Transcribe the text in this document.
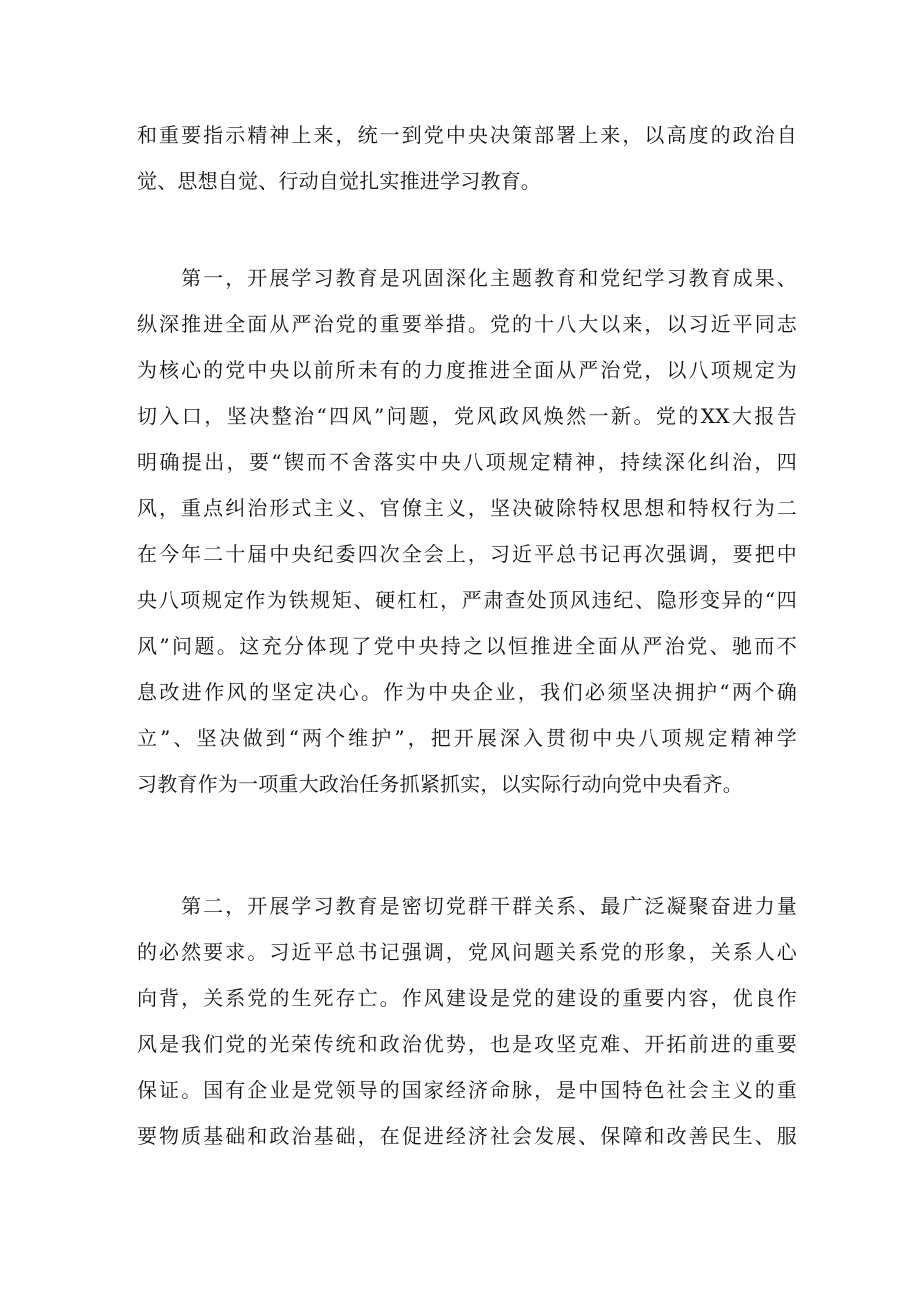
和重要指示精神上来，统一到党中央决策部署上来，以高度的政治自
觉、思想自觉、行动自觉扎实推进学习教育。
　　第一，开展学习教育是巩固深化主题教育和党纪学习教育成果、
纵深推进全面从严治党的重要举措。党的十八大以来，以习近平同志
为核心的党中央以前所未有的力度推进全面从严治党，以八项规定为
切入口，坚决整治“四风”问题，党风政风焕然一新。党的XX大报告
明确提出，要“锲而不舍落实中央八项规定精神，持续深化纠治，四
风，重点纠治形式主义、官僚主义，坚决破除特权思想和特权行为二
在今年二十届中央纪委四次全会上，习近平总书记再次强调，要把中
央八项规定作为铁规矩、硬杠杠，严肃查处顶风违纪、隐形变异的“四
风”问题。这充分体现了党中央持之以恒推进全面从严治党、驰而不
息改进作风的坚定决心。作为中央企业，我们必须坚决拥护“两个确
立”、坚决做到“两个维护”，把开展深入贯彻中央八项规定精神学
习教育作为一项重大政治任务抓紧抓实，以实际行动向党中央看齐。
　　第二，开展学习教育是密切党群干群关系、最广泛凝聚奋进力量
的必然要求。习近平总书记强调，党风问题关系党的形象，关系人心
向背，关系党的生死存亡。作风建设是党的建设的重要内容，优良作
风是我们党的光荣传统和政治优势，也是攻坚克难、开拓前进的重要
保证。国有企业是党领导的国家经济命脉，是中国特色社会主义的重
要物质基础和政治基础，在促进经济社会发展、保障和改善民生、服
